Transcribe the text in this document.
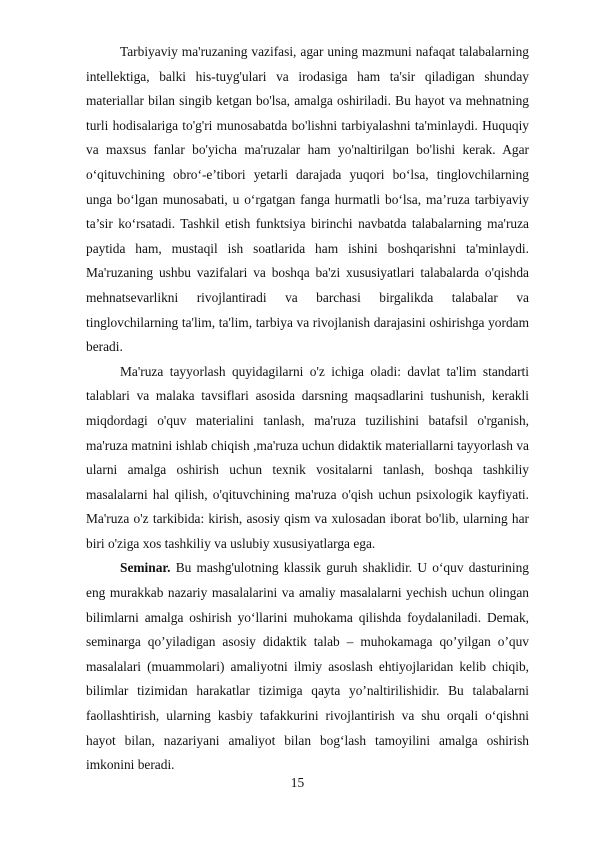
Tarbiyaviy ma'ruzaning vazifasi, agar uning mazmuni nafaqat talabalarning intellektiga, balki his-tuyg'ulari va irodasiga ham ta'sir qiladigan shunday materiallar bilan singib ketgan bo'lsa, amalga oshiriladi. Bu hayot va mehnatning turli hodisalariga to'g'ri munosabatda bo'lishni tarbiyalashni ta'minlaydi. Huquqiy va maxsus fanlar bo'yicha ma'ruzalar ham yo'naltirilgan bo'lishi kerak. Agar o‘qituvchining obro‘-e’tibori yetarli darajada yuqori bo‘lsa, tinglovchilarning unga bo‘lgan munosabati, u o‘rgatgan fanga hurmatli bo‘lsa, ma’ruza tarbiyaviy ta’sir ko‘rsatadi. Tashkil etish funktsiya birinchi navbatda talabalarning ma'ruza paytida ham, mustaqil ish soatlarida ham ishini boshqarishni ta'minlaydi. Ma'ruzaning ushbu vazifalari va boshqa ba'zi xususiyatlari talabalarda o'qishda mehnatsevarlikni rivojlantiradi va barchasi birgalikda talabalar va tinglovchilarning ta'lim, ta'lim, tarbiya va rivojlanish darajasini oshirishga yordam beradi.

Ma'ruza tayyorlash quyidagilarni o'z ichiga oladi: davlat ta'lim standarti talablari va malaka tavsiflari asosida darsning maqsadlarini tushunish, kerakli miqdordagi o'quv materialini tanlash, ma'ruza tuzilishini batafsil o'rganish, ma'ruza matnini ishlab chiqish ,ma'ruza uchun didaktik materiallarni tayyorlash va ularni amalga oshirish uchun texnik vositalarni tanlash, boshqa tashkiliy masalalarni hal qilish, o'qituvchining ma'ruza o'qish uchun psixologik kayfiyati. Ma'ruza o'z tarkibida: kirish, asosiy qism va xulosadan iborat bo'lib, ularning har biri o'ziga xos tashkiliy va uslubiy xususiyatlarga ega.

Seminar. Bu mashg'ulotning klassik guruh shaklidir. U o‘quv dasturining eng murakkab nazariy masalalarini va amaliy masalalarni yechish uchun olingan bilimlarni amalga oshirish yo‘llarini muhokama qilishda foydalaniladi. Demak, seminarga qo’yiladigan asosiy didaktik talab – muhokamaga qo’yilgan o’quv masalalari (muammolari) amaliyotni ilmiy asoslash ehtiyojlaridan kelib chiqib, bilimlar tizimidan harakatlar tizimiga qayta yo’naltirilishidir. Bu talabalarni faollashtirish, ularning kasbiy tafakkurini rivojlantirish va shu orqali o‘qishni hayot bilan, nazariyani amaliyot bilan bog‘lash tamoyilini amalga oshirish imkonini beradi.

15
